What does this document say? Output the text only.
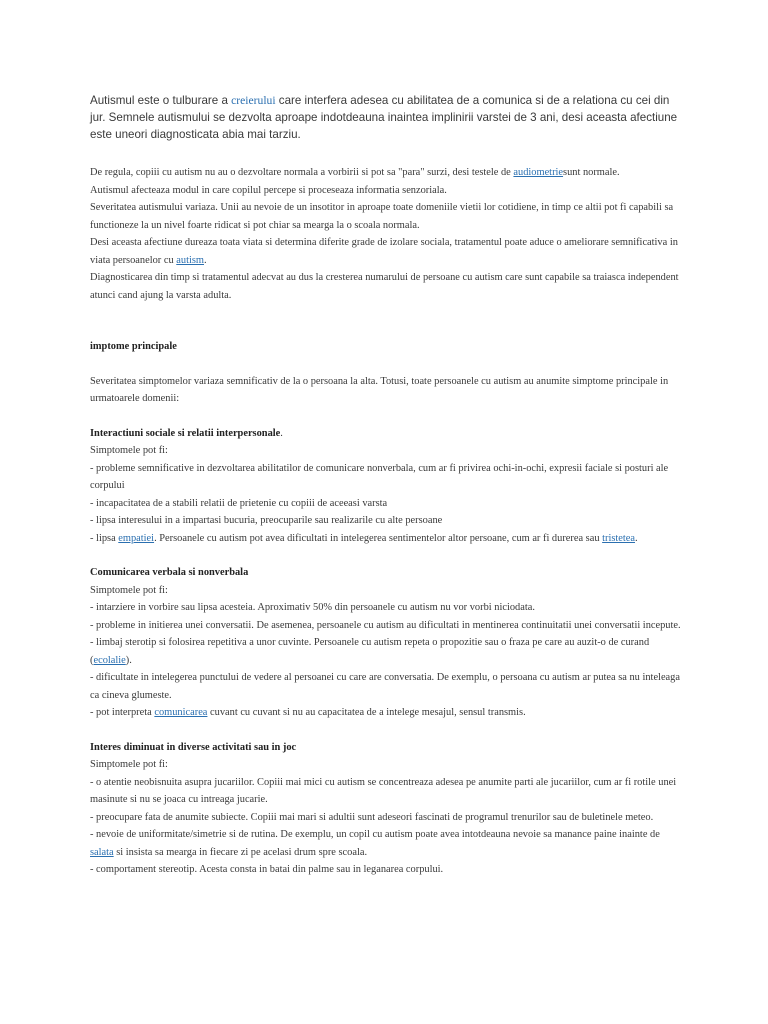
Autismul este o tulburare a creierului care interfera adesea cu abilitatea de a comunica si de a relationa cu cei din jur. Semnele autismului se dezvolta aproape indotdeauna inaintea implinirii varstei de 3 ani, desi aceasta afectiune este uneori diagnosticata abia mai tarziu.

De regula, copiii cu autism nu au o dezvoltare normala a vorbirii si pot sa "para" surzi, desi testele de audiometriesunt normale.

Autismul afecteaza modul in care copilul percepe si proceseaza informatia senzoriala.

Severitatea autismului variaza. Unii au nevoie de un insotitor in aproape toate domeniile vietii lor cotidiene, in timp ce altii pot fi capabili sa functioneze la un nivel foarte ridicat si pot chiar sa mearga la o scoala normala.

Desi aceasta afectiune dureaza toata viata si determina diferite grade de izolare sociala, tratamentul poate aduce o ameliorare semnificativa in viata persoanelor cu autism.

Diagnosticarea din timp si tratamentul adecvat au dus la cresterea numarului de persoane cu autism care sunt capabile sa traiasca independent atunci cand ajung la varsta adulta.

imptome principale

Severitatea simptomelor variaza semnificativ de la o persoana la alta. Totusi, toate persoanele cu autism au anumite simptome principale in urmatoarele domenii:

Interactiuni sociale si relatii interpersonale.

Simptomele pot fi:

- probleme semnificative in dezvoltarea abilitatilor de comunicare nonverbala, cum ar fi privirea ochi-in-ochi, expresii faciale si posturi ale corpului

- incapacitatea de a stabili relatii de prietenie cu copiii de aceeasi varsta

- lipsa interesului in a impartasi bucuria, preocuparile sau realizarile cu alte persoane

- lipsa empatiei. Persoanele cu autism pot avea dificultati in intelegerea sentimentelor altor persoane, cum ar fi durerea sau tristetea.

Comunicarea verbala si nonverbala

Simptomele pot fi:

- intarziere in vorbire sau lipsa acesteia. Aproximativ 50% din persoanele cu autism nu vor vorbi niciodata.

- probleme in initierea unei conversatii. De asemenea, persoanele cu autism au dificultati in mentinerea continuitatii unei conversatii incepute.

- limbaj sterotip si folosirea repetitiva a unor cuvinte. Persoanele cu autism repeta o propozitie sau o fraza pe care au auzit-o de curand (ecolalie).

- dificultate in intelegerea punctului de vedere al persoanei cu care are conversatia. De exemplu, o persoana cu autism ar putea sa nu inteleaga ca cineva glumeste.

- pot interpreta comunicarea cuvant cu cuvant si nu au capacitatea de a intelege mesajul, sensul transmis.

Interes diminuat in diverse activitati sau in joc

Simptomele pot fi:

- o atentie neobisnuita asupra jucariilor. Copiii mai mici cu autism se concentreaza adesea pe anumite parti ale jucariilor, cum ar fi rotile unei masinute si nu se joaca cu intreaga jucarie.

- preocupare fata de anumite subiecte. Copiii mai mari si adultii sunt adeseori fascinati de programul trenurilor sau de buletinele meteo.

- nevoie de uniformitate/simetrie si de rutina. De exemplu, un copil cu autism poate avea intotdeauna nevoie sa manance paine inainte de salata si insista sa mearga in fiecare zi pe acelasi drum spre scoala.

- comportament stereotip. Acesta consta in batai din palme sau in leganarea corpului.
